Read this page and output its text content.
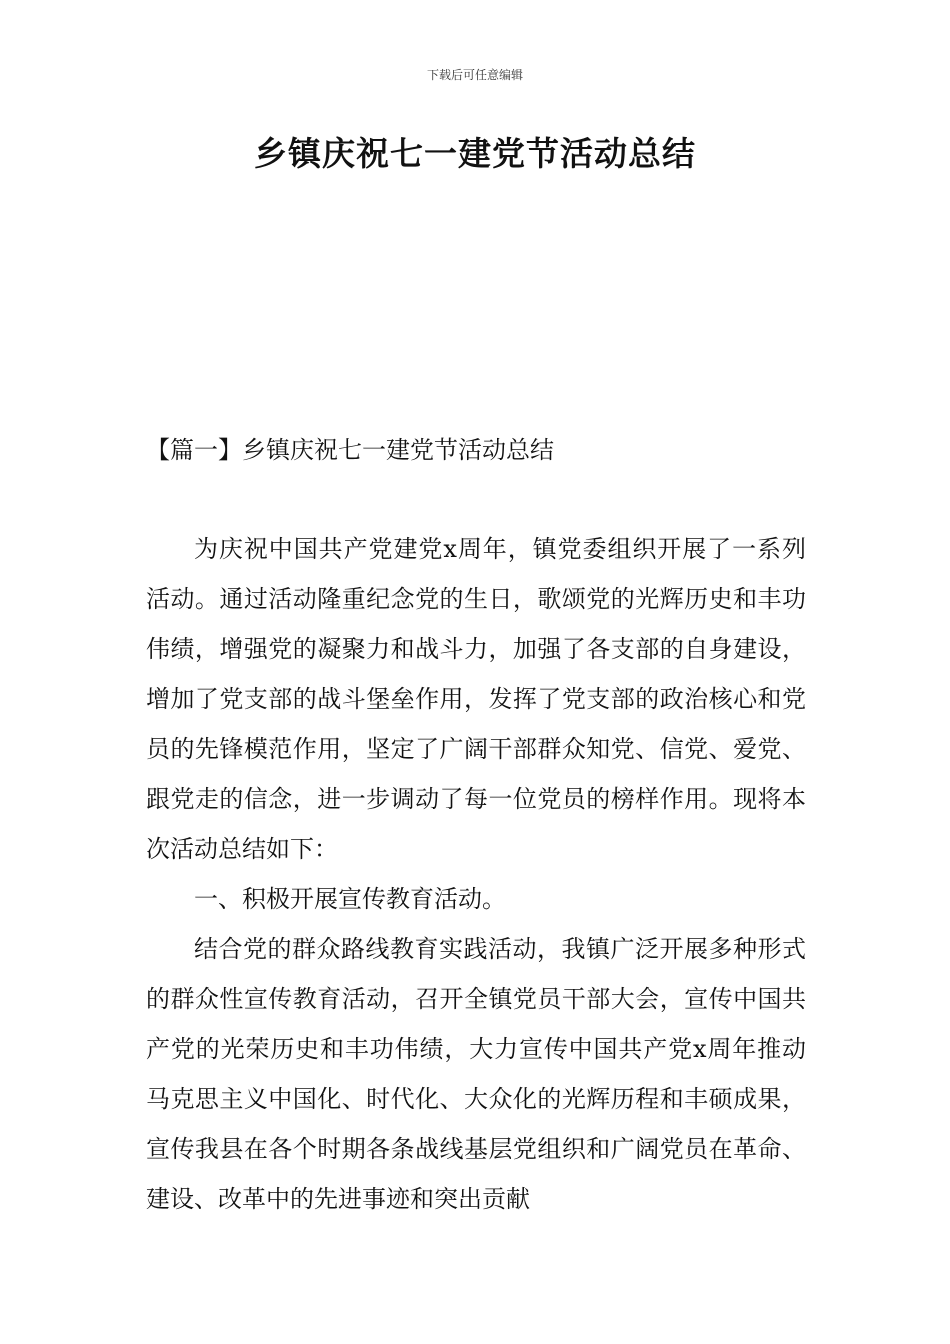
下载后可任意编辑
乡镇庆祝七一建党节活动总结
【篇一】乡镇庆祝七一建党节活动总结

为庆祝中国共产党建党x周年，镇党委组织开展了一系列活动。通过活动隆重纪念党的生日，歌颂党的光辉历史和丰功伟绩，增强党的凝聚力和战斗力，加强了各支部的自身建设，增加了党支部的战斗堡垒作用，发挥了党支部的政治核心和党员的先锋模范作用，坚定了广阔干部群众知党、信党、爱党、跟党走的信念，进一步调动了每一位党员的榜样作用。现将本次活动总结如下：

一、积极开展宣传教育活动。

结合党的群众路线教育实践活动，我镇广泛开展多种形式的群众性宣传教育活动，召开全镇党员干部大会，宣传中国共产党的光荣历史和丰功伟绩，大力宣传中国共产党x周年推动马克思主义中国化、时代化、大众化的光辉历程和丰硕成果，宣传我县在各个时期各条战线基层党组织和广阔党员在革命、建设、改革中的先进事迹和突出贡献
